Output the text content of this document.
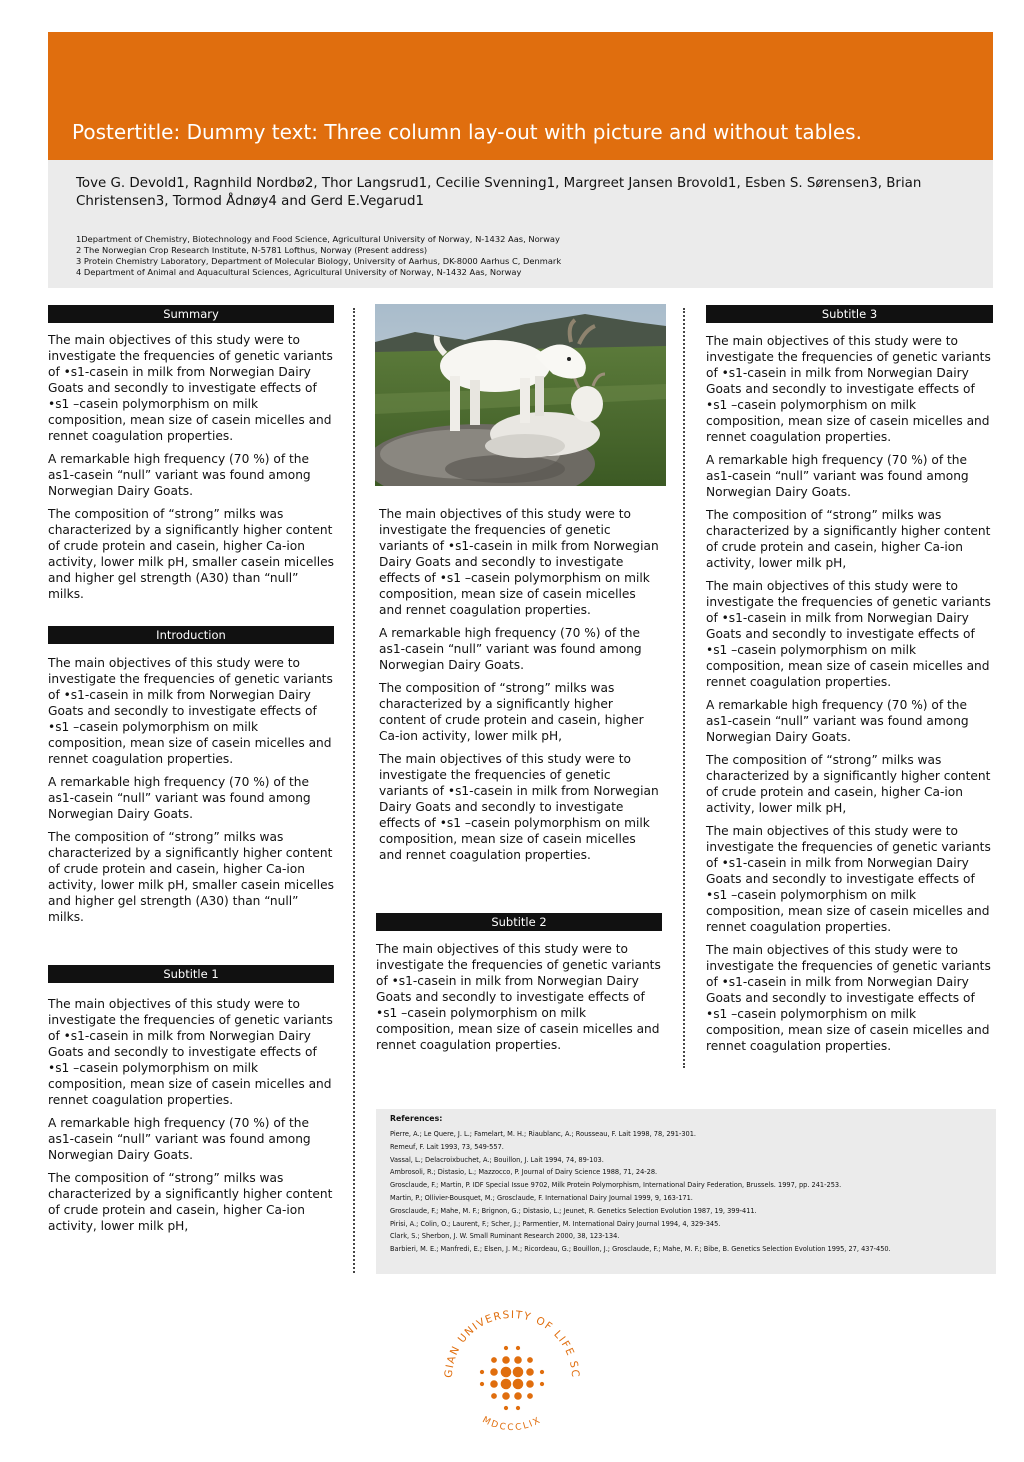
Postertitle: Dummy text: Three column lay-out with picture and without tables.
Tove G. Devold1, Ragnhild Nordbø2, Thor Langsrud1, Cecilie Svenning1, Margreet Jansen Brovold1, Esben S. Sørensen3, Brian Christensen3, Tormod Ådnøy4 and Gerd E.Vegarud1
1Department of Chemistry, Biotechnology and Food Science, Agricultural University of Norway, N-1432 Aas, Norway
2 The Norwegian Crop Research Institute, N-5781 Lofthus, Norway (Present address)
3 Protein Chemistry Laboratory, Department of Molecular Biology, University of Aarhus, DK-8000 Aarhus C, Denmark
4 Department of Animal and Aquacultural Sciences, Agricultural University of Norway, N-1432 Aas, Norway
Summary

The main objectives of this study were to investigate the frequencies of genetic variants of •s1-casein in milk from Norwegian Dairy Goats and secondly to investigate effects of •s1 –casein polymorphism on milk composition, mean size of casein micelles and rennet coagulation properties.

A remarkable high frequency (70 %) of the as1-casein “null” variant was found among Norwegian Dairy Goats.

The composition of “strong” milks was characterized by a significantly higher content of crude protein and casein, higher Ca-ion activity, lower milk pH, smaller casein micelles and higher gel strength (A30) than “null” milks.

Introduction

The main objectives of this study were to investigate the frequencies of genetic variants of •s1-casein in milk from Norwegian Dairy Goats and secondly to investigate effects of •s1 –casein polymorphism on milk composition, mean size of casein micelles and rennet coagulation properties.

A remarkable high frequency (70 %) of the as1-casein “null” variant was found among Norwegian Dairy Goats.

The composition of “strong” milks was characterized by a significantly higher content of crude protein and casein, higher Ca-ion activity, lower milk pH, smaller casein micelles and higher gel strength (A30) than “null” milks.

Subtitle 1

The main objectives of this study were to investigate the frequencies of genetic variants of •s1-casein in milk from Norwegian Dairy Goats and secondly to investigate effects of •s1 –casein polymorphism on milk composition, mean size of casein micelles and rennet coagulation properties.

A remarkable high frequency (70 %) of the as1-casein “null” variant was found among Norwegian Dairy Goats.

The composition of “strong” milks was characterized by a significantly higher content of crude protein and casein, higher Ca-ion activity, lower milk pH,

The main objectives of this study were to investigate the frequencies of genetic variants of •s1-casein in milk from Norwegian Dairy Goats and secondly to investigate effects of •s1 –casein polymorphism on milk composition, mean size of casein micelles and rennet coagulation properties.

A remarkable high frequency (70 %) of the as1-casein “null” variant was found among Norwegian Dairy Goats.

The composition of “strong” milks was characterized by a significantly higher content of crude protein and casein, higher Ca-ion activity, lower milk pH,

The main objectives of this study were to investigate the frequencies of genetic variants of •s1-casein in milk from Norwegian Dairy Goats and secondly to investigate effects of •s1 –casein polymorphism on milk composition, mean size of casein micelles and rennet coagulation properties.

Subtitle 2

The main objectives of this study were to investigate the frequencies of genetic variants of •s1-casein in milk from Norwegian Dairy Goats and secondly to investigate effects of •s1 –casein polymorphism on milk composition, mean size of casein micelles and rennet coagulation properties.

Subtitle 3

The main objectives of this study were to investigate the frequencies of genetic variants of •s1-casein in milk from Norwegian Dairy Goats and secondly to investigate effects of •s1 –casein polymorphism on milk composition, mean size of casein micelles and rennet coagulation properties.

A remarkable high frequency (70 %) of the as1-casein “null” variant was found among Norwegian Dairy Goats.

The composition of “strong” milks was characterized by a significantly higher content of crude protein and casein, higher Ca-ion activity, lower milk pH,

The main objectives of this study were to investigate the frequencies of genetic variants of •s1-casein in milk from Norwegian Dairy Goats and secondly to investigate effects of •s1 –casein polymorphism on milk composition, mean size of casein micelles and rennet coagulation properties.

A remarkable high frequency (70 %) of the as1-casein “null” variant was found among Norwegian Dairy Goats.

The composition of “strong” milks was characterized by a significantly higher content of crude protein and casein, higher Ca-ion activity, lower milk pH,

The main objectives of this study were to investigate the frequencies of genetic variants of •s1-casein in milk from Norwegian Dairy Goats and secondly to investigate effects of •s1 –casein polymorphism on milk composition, mean size of casein micelles and rennet coagulation properties.

The main objectives of this study were to investigate the frequencies of genetic variants of •s1-casein in milk from Norwegian Dairy Goats and secondly to investigate effects of •s1 –casein polymorphism on milk composition, mean size of casein micelles and rennet coagulation properties.

References:
Pierre, A.; Le Quere, J. L.; Famelart, M. H.; Riaublanc, A.; Rousseau, F. Lait 1998, 78, 291-301.
Remeuf, F. Lait 1993, 73, 549-557.
Vassal, L.; Delacroixbuchet, A.; Bouillon, J. Lait 1994, 74, 89-103.
Ambrosoli, R.; Distasio, L.; Mazzocco, P. Journal of Dairy Science 1988, 71, 24-28.
Grosclaude, F.; Martin, P. IDF Special Issue 9702, Milk Protein Polymorphism, International Dairy Federation, Brussels. 1997, pp. 241-253.
Martin, P.; Ollivier-Bousquet, M.; Grosclaude, F. International Dairy Journal 1999, 9, 163-171.
Grosclaude, F.; Mahe, M. F.; Brignon, G.; Distasio, L.; Jeunet, R. Genetics Selection Evolution 1987, 19, 399-411.
Pirisi, A.; Colin, O.; Laurent, F.; Scher, J.; Parmentier, M. International Dairy Journal 1994, 4, 329-345.
Clark, S.; Sherbon, J. W. Small Ruminant Research 2000, 38, 123-134.
Barbieri, M. E.; Manfredi, E.; Elsen, J. M.; Ricordeau, G.; Bouillon, J.; Grosclaude, F.; Mahe, M. F.; Bibe, B. Genetics Selection Evolution 1995, 27, 437-450.
GIAN UNIVERSITY OF LIFE SC
MDCCCLIX
